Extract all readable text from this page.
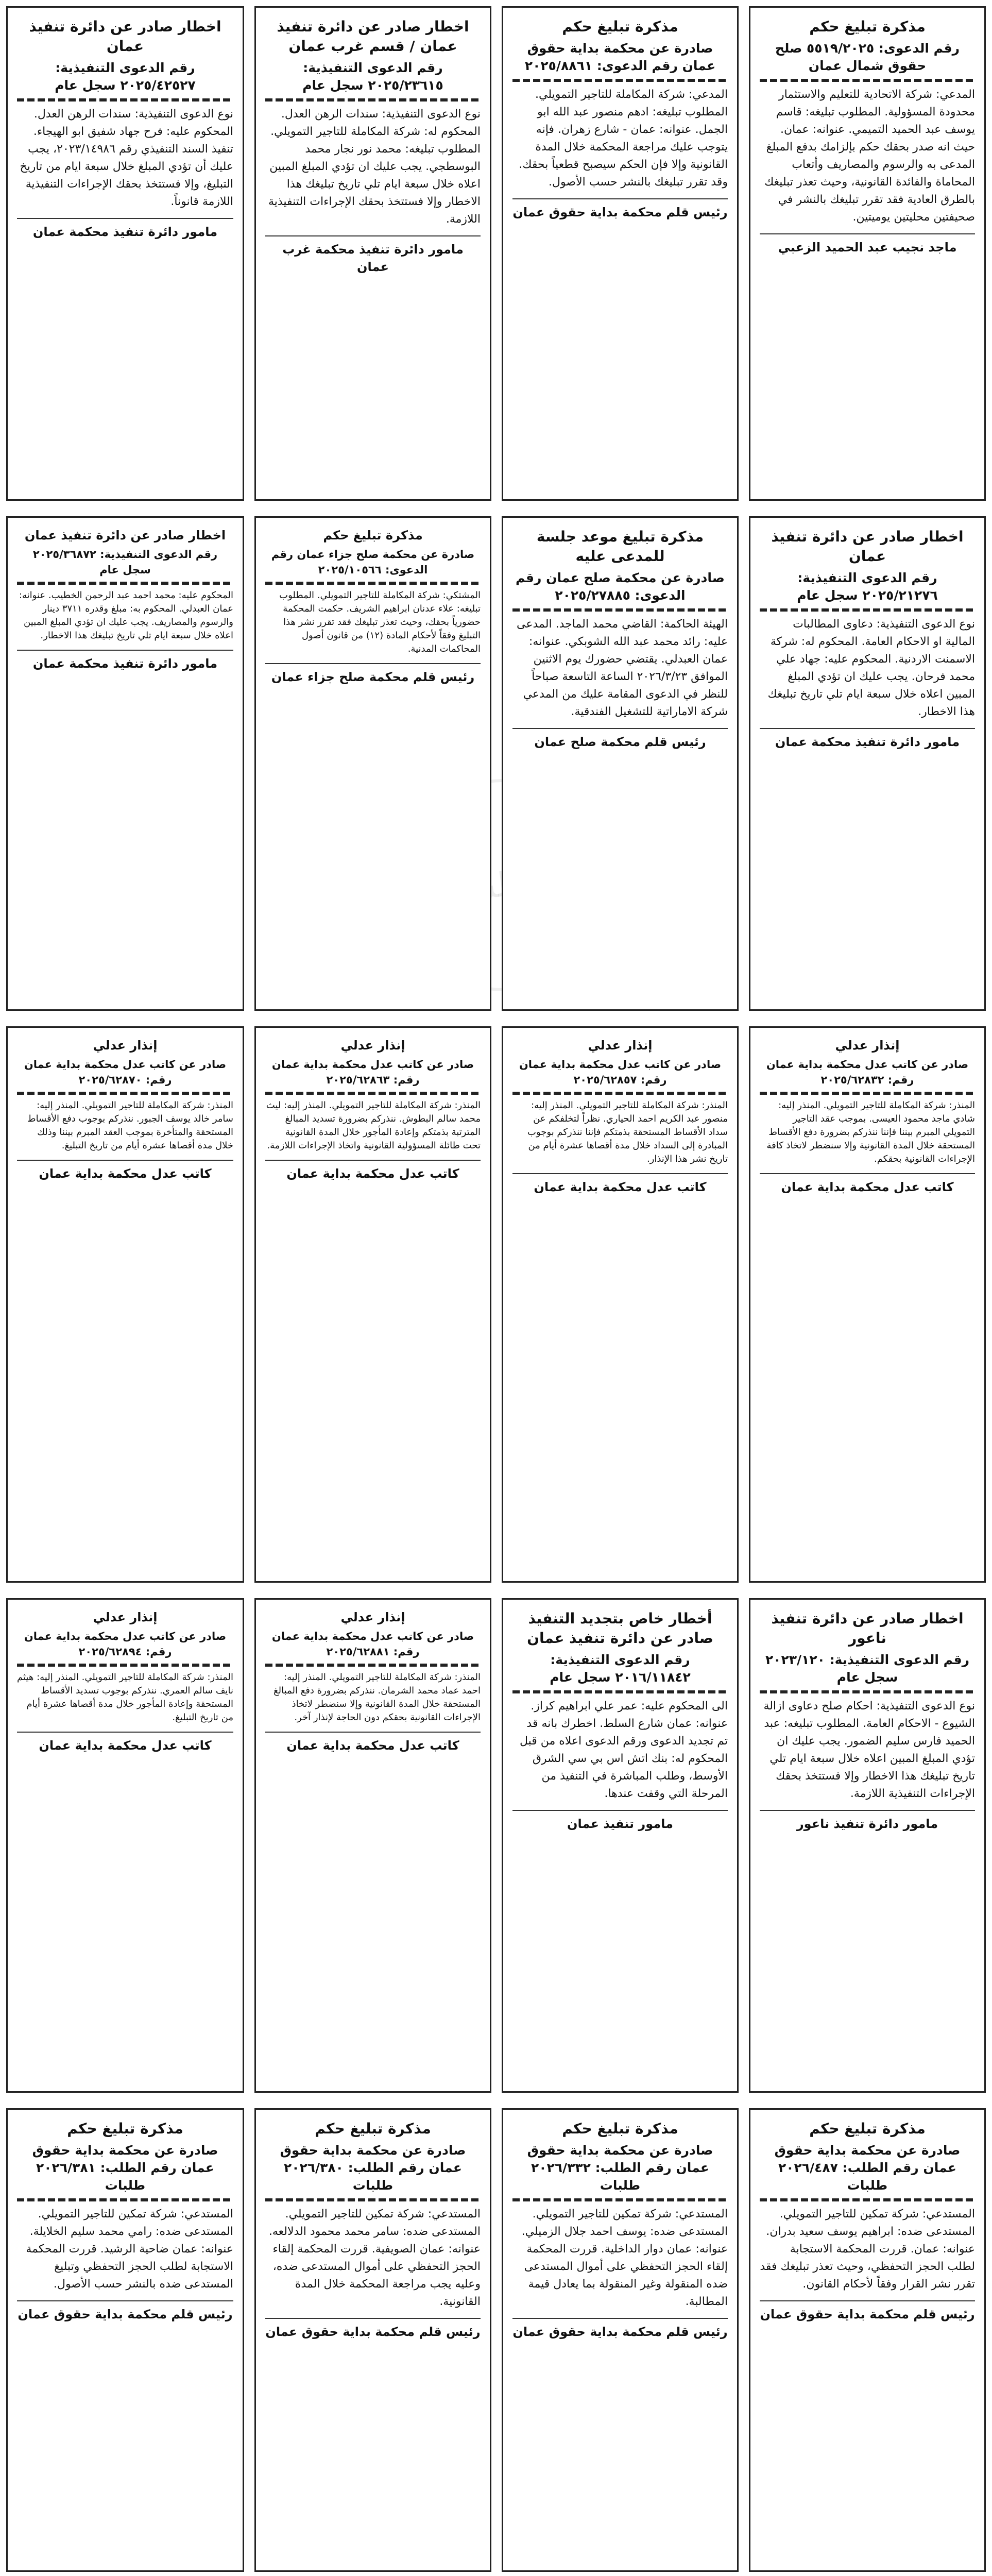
مذكرة تبليغ حكم
رقم الدعوى: ٥٥١٩/٢٠٢٥ صلح حقوق شمال عمان

المدعي: شركة الاتحادية للتعليم والاستثمار محدودة المسؤولية. المطلوب تبليغه: قاسم يوسف عبد الحميد التميمي. عنوانه: عمان. حيث انه صدر بحقك حكم بإلزامك بدفع المبلغ المدعى به والرسوم والمصاريف وأتعاب المحاماة والفائدة القانونية، وحيث تعذر تبليغك بالطرق العادية فقد تقرر تبليغك بالنشر في صحيفتين محليتين يوميتين.

ماجد نجيب عبد الحميد الزعبي
مذكرة تبليغ حكم
صادرة عن محكمة بداية حقوق عمان رقم الدعوى: ٢٠٢٥/٨٨٦١

المدعي: شركة المكاملة للتاجير التمويلي. المطلوب تبليغه: ادهم منصور عبد الله ابو الجمل. عنوانه: عمان - شارع زهران. فإنه يتوجب عليك مراجعة المحكمة خلال المدة القانونية وإلا فإن الحكم سيصبح قطعياً بحقك. وقد تقرر تبليغك بالنشر حسب الأصول.

رئيس قلم محكمة بداية حقوق عمان
اخطار صادر عن دائرة تنفيذ عمان / قسم غرب عمان
رقم الدعوى التنفيذية: ٢٠٢٥/٢٣٦١٥ سجل عام

نوع الدعوى التنفيذية: سندات الرهن العدل. المحكوم له: شركة المكاملة للتاجير التمويلي. المطلوب تبليغه: محمد نور نجار محمد البوسطجي. يجب عليك ان تؤدي المبلغ المبين اعلاه خلال سبعة ايام تلي تاريخ تبليغك هذا الاخطار وإلا فستتخذ بحقك الإجراءات التنفيذية اللازمة.

مامور دائرة تنفيذ محكمة غرب عمان
اخطار صادر عن دائرة تنفيذ عمان
رقم الدعوى التنفيذية: ٢٠٢٥/٤٢٥٢٧ سجل عام

نوع الدعوى التنفيذية: سندات الرهن العدل. المحكوم عليه: فرح جهاد شفيق ابو الهيجاء. تنفيذ السند التنفيذي رقم ٢٠٢٣/١٤٩٨٦، يجب عليك أن تؤدي المبلغ خلال سبعة ايام من تاريخ التبليغ، وإلا فستتخذ بحقك الإجراءات التنفيذية اللازمة قانوناً.

مامور دائرة تنفيذ محكمة عمان
اخطار صادر عن دائرة تنفيذ عمان
رقم الدعوى التنفيذية: ٢٠٢٥/٢١٢٧٦ سجل عام

نوع الدعوى التنفيذية: دعاوى المطالبات المالية او الاحكام العامة. المحكوم له: شركة الاسمنت الاردنية. المحكوم عليه: جهاد علي محمد فرحان. يجب عليك ان تؤدي المبلغ المبين اعلاه خلال سبعة ايام تلي تاريخ تبليغك هذا الاخطار.

مامور دائرة تنفيذ محكمة عمان
مذكرة تبليغ موعد جلسة للمدعى عليه
صادرة عن محكمة صلح عمان رقم الدعوى: ٢٠٢٥/٢٧٨٨٥

الهيئة الحاكمة: القاضي محمد الماجد. المدعى عليه: رائد محمد عبد الله الشوبكي. عنوانه: عمان العبدلي. يقتضي حضورك يوم الاثنين الموافق ٢٠٢٦/٣/٢٣ الساعة التاسعة صباحاً للنظر في الدعوى المقامة عليك من المدعي شركة الاماراتية للتشغيل الفندقية.

رئيس قلم محكمة صلح عمان
مذكرة تبليغ حكم
صادرة عن محكمة صلح جزاء عمان رقم الدعوى: ٢٠٢٥/١٠٥٦٦

المشتكي: شركة المكاملة للتاجير التمويلي. المطلوب تبليغه: علاء عدنان ابراهيم الشريف. حكمت المحكمة حضورياً بحقك، وحيث تعذر تبليغك فقد تقرر نشر هذا التبليغ وفقاً لأحكام المادة (١٢) من قانون أصول المحاكمات المدنية.

رئيس قلم محكمة صلح جزاء عمان
اخطار صادر عن دائرة تنفيذ عمان
رقم الدعوى التنفيذية: ٢٠٢٥/٣٦٨٧٢ سجل عام

المحكوم عليه: محمد احمد عبد الرحمن الخطيب. عنوانه: عمان العبدلي. المحكوم به: مبلغ وقدره ٣٧١١ دينار والرسوم والمصاريف. يجب عليك ان تؤدي المبلغ المبين اعلاه خلال سبعة ايام تلي تاريخ تبليغك هذا الاخطار.

مامور دائرة تنفيذ محكمة عمان
إنذار عدلي
صادر عن كاتب عدل محكمة بداية عمان رقم: ٢٠٢٥/٦٢٨٣٢

المنذر: شركة المكاملة للتاجير التمويلي. المنذر إليه: شادي ماجد محمود العيسى. بموجب عقد التاجير التمويلي المبرم بيننا فإننا ننذركم بضرورة دفع الأقساط المستحقة خلال المدة القانونية وإلا سنضطر لاتخاذ كافة الإجراءات القانونية بحقكم.

كاتب عدل محكمة بداية عمان
إنذار عدلي
صادر عن كاتب عدل محكمة بداية عمان رقم: ٢٠٢٥/٦٢٨٥٧

المنذر: شركة المكاملة للتاجير التمويلي. المنذر إليه: منصور عبد الكريم احمد الحياري. نظراً لتخلفكم عن سداد الأقساط المستحقة بذمتكم فإننا ننذركم بوجوب المبادرة إلى السداد خلال مدة أقصاها عشرة أيام من تاريخ نشر هذا الإنذار.

كاتب عدل محكمة بداية عمان
إنذار عدلي
صادر عن كاتب عدل محكمة بداية عمان رقم: ٢٠٢٥/٦٢٨٦٣

المنذر: شركة المكاملة للتاجير التمويلي. المنذر إليه: ليث محمد سالم البطوش. ننذركم بضرورة تسديد المبالغ المترتبة بذمتكم وإعادة المأجور خلال المدة القانونية تحت طائلة المسؤولية القانونية واتخاذ الإجراءات اللازمة.

كاتب عدل محكمة بداية عمان
إنذار عدلي
صادر عن كاتب عدل محكمة بداية عمان رقم: ٢٠٢٥/٦٢٨٧٠

المنذر: شركة المكاملة للتاجير التمويلي. المنذر إليه: سامر خالد يوسف الجبور. ننذركم بوجوب دفع الأقساط المستحقة والمتأخرة بموجب العقد المبرم بيننا وذلك خلال مدة أقصاها عشرة أيام من تاريخ التبليغ.

كاتب عدل محكمة بداية عمان
اخطار صادر عن دائرة تنفيذ ناعور
رقم الدعوى التنفيذية: ٢٠٢٣/١٢٠ سجل عام

نوع الدعوى التنفيذية: احكام صلح دعاوى ازالة الشيوع - الاحكام العامة. المطلوب تبليغه: عبد الحميد فارس سليم الضمور. يجب عليك ان تؤدي المبلغ المبين اعلاه خلال سبعة ايام تلي تاريخ تبليغك هذا الاخطار وإلا فستتخذ بحقك الإجراءات التنفيذية اللازمة.

مامور دائرة تنفيذ ناعور
أخطار خاص بتجديد التنفيذ صادر عن دائرة تنفيذ عمان
رقم الدعوى التنفيذية: ٢٠١٦/١١٨٤٢ سجل عام

الى المحكوم عليه: عمر علي ابراهيم كراز. عنوانه: عمان شارع السلط. اخطرك بانه قد تم تجديد الدعوى ورقم الدعوى اعلاه من قبل المحكوم له: بنك اتش اس بي سي الشرق الأوسط، وطلب المباشرة في التنفيذ من المرحلة التي وقفت عندها.

مامور تنفيذ عمان
إنذار عدلي
صادر عن كاتب عدل محكمة بداية عمان رقم: ٢٠٢٥/٦٢٨٨١

المنذر: شركة المكاملة للتاجير التمويلي. المنذر إليه: احمد عماد محمد الشرمان. ننذركم بضرورة دفع المبالغ المستحقة خلال المدة القانونية وإلا سنضطر لاتخاذ الإجراءات القانونية بحقكم دون الحاجة لإنذار آخر.

كاتب عدل محكمة بداية عمان
إنذار عدلي
صادر عن كاتب عدل محكمة بداية عمان رقم: ٢٠٢٥/٦٢٨٩٤

المنذر: شركة المكاملة للتاجير التمويلي. المنذر إليه: هيثم نايف سالم العمري. ننذركم بوجوب تسديد الأقساط المستحقة وإعادة المأجور خلال مدة أقصاها عشرة أيام من تاريخ التبليغ.

كاتب عدل محكمة بداية عمان
مذكرة تبليغ حكم
صادرة عن محكمة بداية حقوق عمان رقم الطلب: ٢٠٢٦/٤٨٧ طلبات

المستدعي: شركة تمكين للتاجير التمويلي. المستدعى ضده: ابراهيم يوسف سعيد بدران. عنوانه: عمان. قررت المحكمة الاستجابة لطلب الحجز التحفظي، وحيث تعذر تبليغك فقد تقرر نشر القرار وفقاً لأحكام القانون.

رئيس قلم محكمة بداية حقوق عمان
مذكرة تبليغ حكم
صادرة عن محكمة بداية حقوق عمان رقم الطلب: ٢٠٢٦/٣٣٢ طلبات

المستدعي: شركة تمكين للتاجير التمويلي. المستدعى ضده: يوسف احمد جلال الزميلي. عنوانه: عمان دوار الداخلية. قررت المحكمة إلقاء الحجز التحفظي على أموال المستدعى ضده المنقولة وغير المنقولة بما يعادل قيمة المطالبة.

رئيس قلم محكمة بداية حقوق عمان
مذكرة تبليغ حكم
صادرة عن محكمة بداية حقوق عمان رقم الطلب: ٢٠٢٦/٣٨٠ طلبات

المستدعي: شركة تمكين للتاجير التمويلي. المستدعى ضده: سامر محمد محمود الدلالعه. عنوانه: عمان الصويفية. قررت المحكمة إلقاء الحجز التحفظي على أموال المستدعى ضده، وعليه يجب مراجعة المحكمة خلال المدة القانونية.

رئيس قلم محكمة بداية حقوق عمان
مذكرة تبليغ حكم
صادرة عن محكمة بداية حقوق عمان رقم الطلب: ٢٠٢٦/٣٨١ طلبات

المستدعي: شركة تمكين للتاجير التمويلي. المستدعى ضده: رامي محمد سليم الخلايلة. عنوانه: عمان ضاحية الرشيد. قررت المحكمة الاستجابة لطلب الحجز التحفظي وتبليغ المستدعى ضده بالنشر حسب الأصول.

رئيس قلم محكمة بداية حقوق عمان
